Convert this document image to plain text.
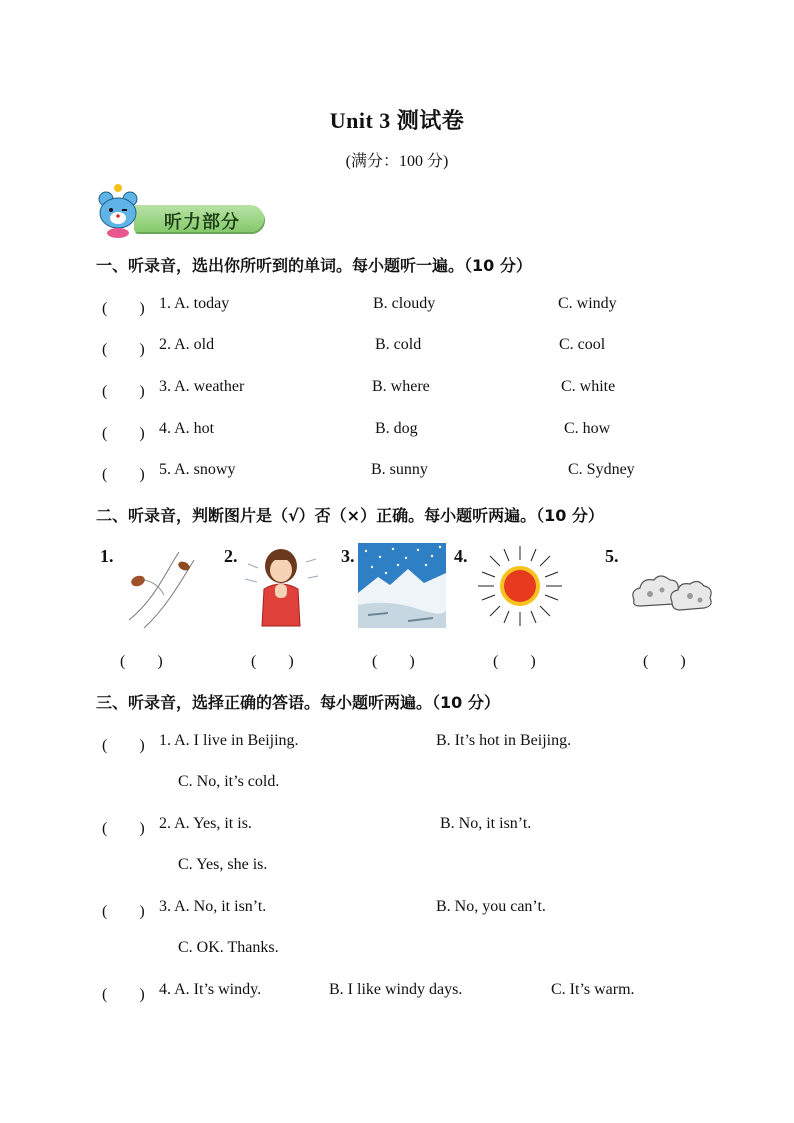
Unit 3 测试卷
(满分：100 分)
听力部分
一、听录音，选出你所听到的单词。每小题听一遍。（10 分）
(　　) 1. A. today	B. cloudy	C. windy
(　　) 2. A. old	B. cold	C. cool
(　　) 3. A. weather	B. where	C. white
(　　) 4. A. hot	B. dog	C. how
(　　) 5. A. snowy	B. sunny	C. Sydney
二、听录音，判断图片是（√）否（×）正确。每小题听两遍。（10 分）
1.	2.	3.	4.	5.
(　　)	(　　)	(　　)	(　　)	(　　)
三、听录音，选择正确的答语。每小题听两遍。（10 分）
(　　) 1. A. I live in Beijing.	B. It’s hot in Beijing.
C. No, it’s cold.
(　　) 2. A. Yes, it is.	B. No, it isn’t.
C. Yes, she is.
(　　) 3. A. No, it isn’t.	B. No, you can’t.
C. OK. Thanks.
(　　) 4. A. It’s windy.	B. I like windy days.	C. It’s warm.
